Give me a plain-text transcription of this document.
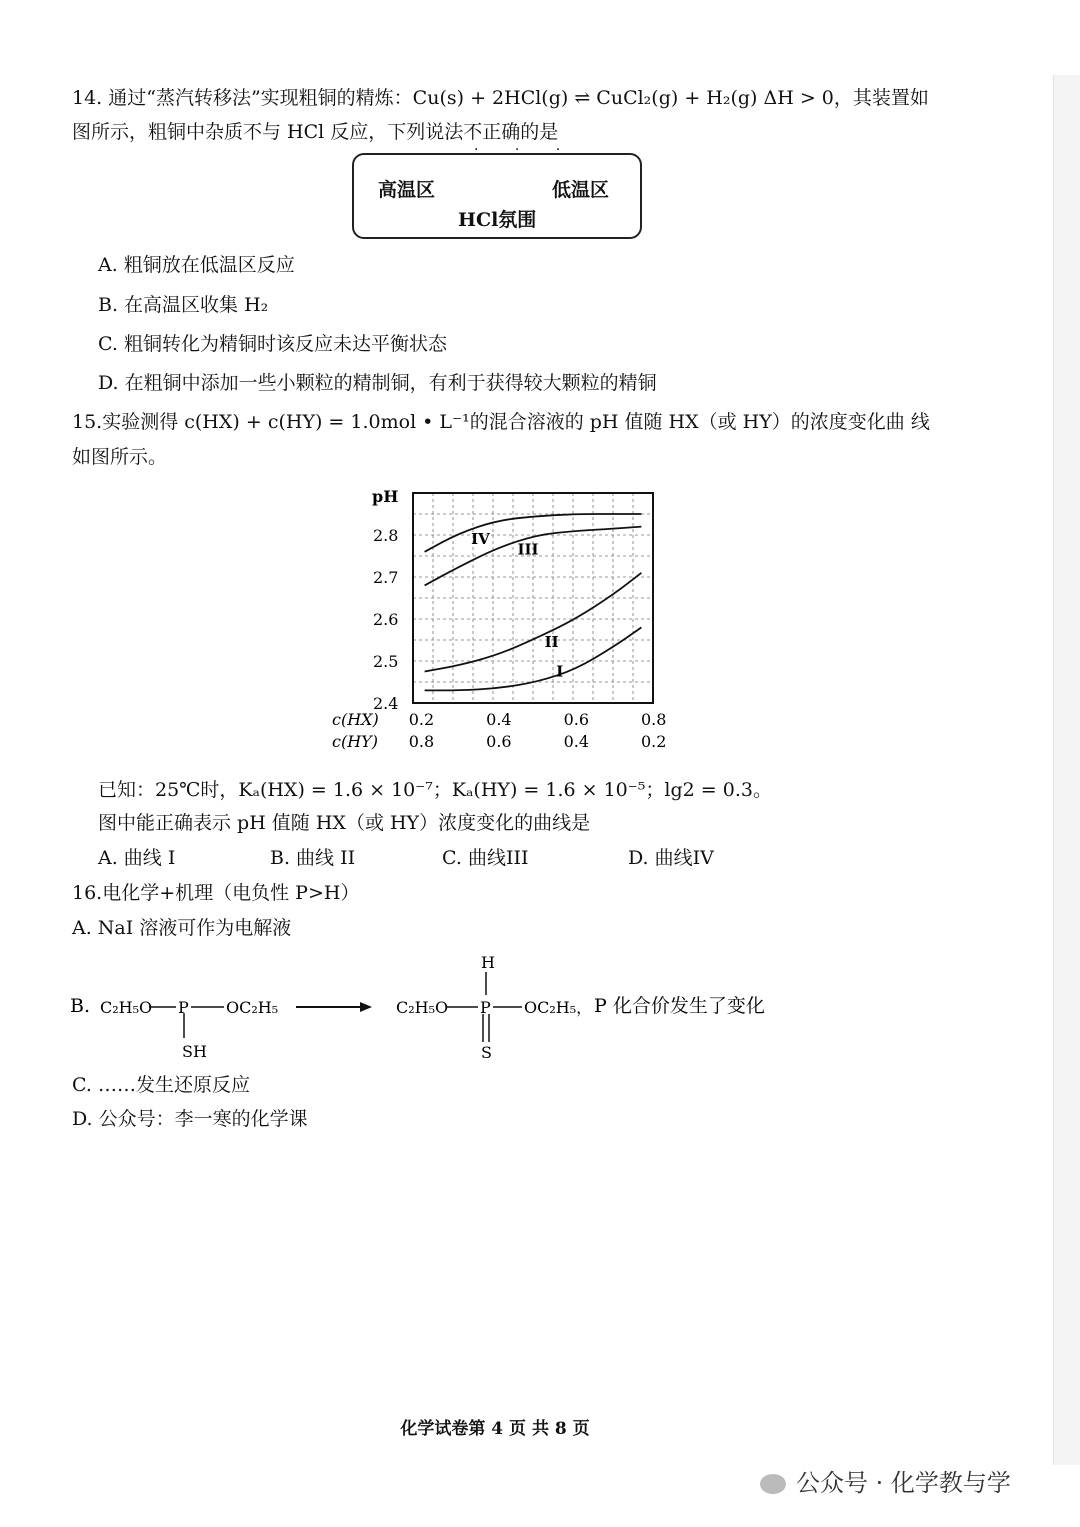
14. 通过“蒸汽转移法”实现粗铜的精炼：Cu(s) + 2HCl(g) ⇌ CuCl₂(g) + H₂(g) ΔH > 0，其装置如
图所示，粗铜中杂质不与 HCl 反应，下列说法不正确的是
· · ·
高温区	低温区
HCl氛围
A. 粗铜放在低温区反应
B. 在高温区收集 H₂
C. 粗铜转化为精铜时该反应未达平衡状态
D. 在粗铜中添加一些小颗粒的精制铜，有利于获得较大颗粒的精铜
15.实验测得 c(HX) + c(HY) = 1.0mol • L⁻¹的混合溶液的 pH 值随 HX（或 HY）的浓度变化曲 线
如图所示。
I
II
III
IV
2.4
2.5
2.6
2.7
2.8
pH
c(HX)
c(HY)
0.2	0.4	0.6	0.8
0.8	0.6	0.4	0.2
已知：25℃时，Kₐ(HX) = 1.6 × 10⁻⁷；Kₐ(HY) = 1.6 × 10⁻⁵；lg2 = 0.3。
图中能正确表示 pH 值随 HX（或 HY）浓度变化的曲线是
A. 曲线 I	B. 曲线 II	C. 曲线III	D. 曲线IV
16.电化学+机理（电负性 P>H）
A. NaI 溶液可作为电解液
B. C₂H₅O P OC₂H₅
SH
C₂H₅O P OC₂H₅，
H
S
P 化合价发生了变化
C. ……发生还原反应
D. 公众号：李一寒的化学课
化学试卷第 4 页 共 8 页
公众号 · 化学教与学
